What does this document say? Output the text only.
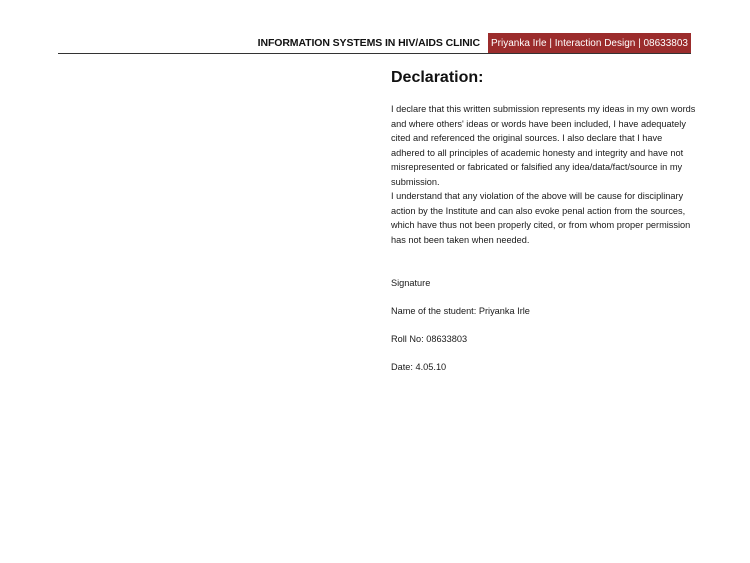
INFORMATION SYSTEMS IN HIV/AIDS CLINIC	Priyanka Irle | Interaction Design | 08633803
Declaration:

I declare that this written submission represents my ideas in my own words and where others' ideas or words have been included, I have adequately cited and referenced the original sources. I also declare that I have adhered to all principles of academic honesty and integrity and have not misrepresented or fabricated or falsified any idea/data/fact/source in my submission.

I understand that any violation of the above will be cause for disciplinary action by the Institute and can also evoke penal action from the sources, which have thus not been properly cited, or from whom proper permission has not been taken when needed.

Signature

Name of the student: Priyanka Irle

Roll No: 08633803

Date: 4.05.10
